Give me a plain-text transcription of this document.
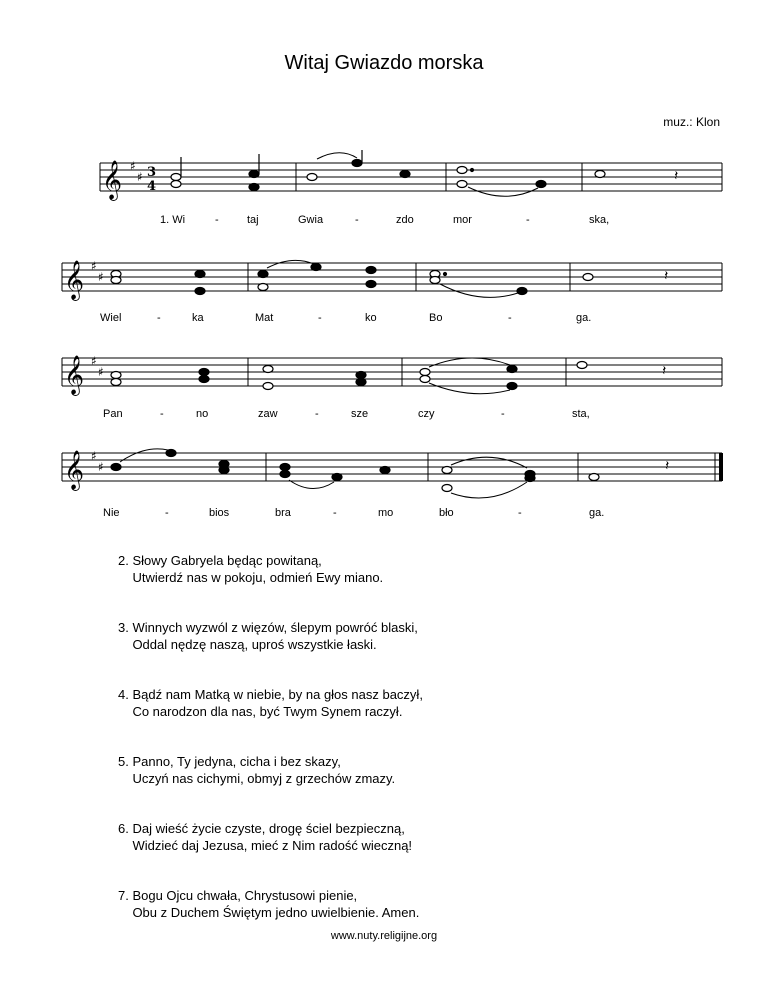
Witaj Gwiazdo morska
muz.: Klon
𝄞 ♯
♯ 3
4
𝄽
1. Wi	-	taj	Gwia	-	zdo	mor	-	ska,
𝄞 ♯
♯	𝄽
Wiel	-	ka	Mat	-	ko	Bo	-	ga.
𝄞 ♯
♯	𝄽
Pan	-	no	zaw	-	sze	czy	-	sta,
𝄞 ♯
♯	𝄽
Nie	-	bios	bra	-	mo	bło	-	ga.
2. Słowy Gabryela będąc powitaną,
Utwierdź nas w pokoju, odmień Ewy miano.
3. Winnych wyzwól z więzów, ślepym powróć blaski,
Oddal nędzę naszą, uproś wszystkie łaski.
4. Bądź nam Matką w niebie, by na głos nasz baczył,
Co narodzon dla nas, być Twym Synem raczył.
5. Panno, Ty jedyna, cicha i bez skazy,
Uczyń nas cichymi, obmyj z grzechów zmazy.
6. Daj wieść życie czyste, drogę ściel bezpieczną,
Widzieć daj Jezusa, mieć z Nim radość wieczną!
7. Bogu Ojcu chwała, Chrystusowi pienie,
Obu z Duchem Świętym jedno uwielbienie. Amen.
www.nuty.religijne.org
